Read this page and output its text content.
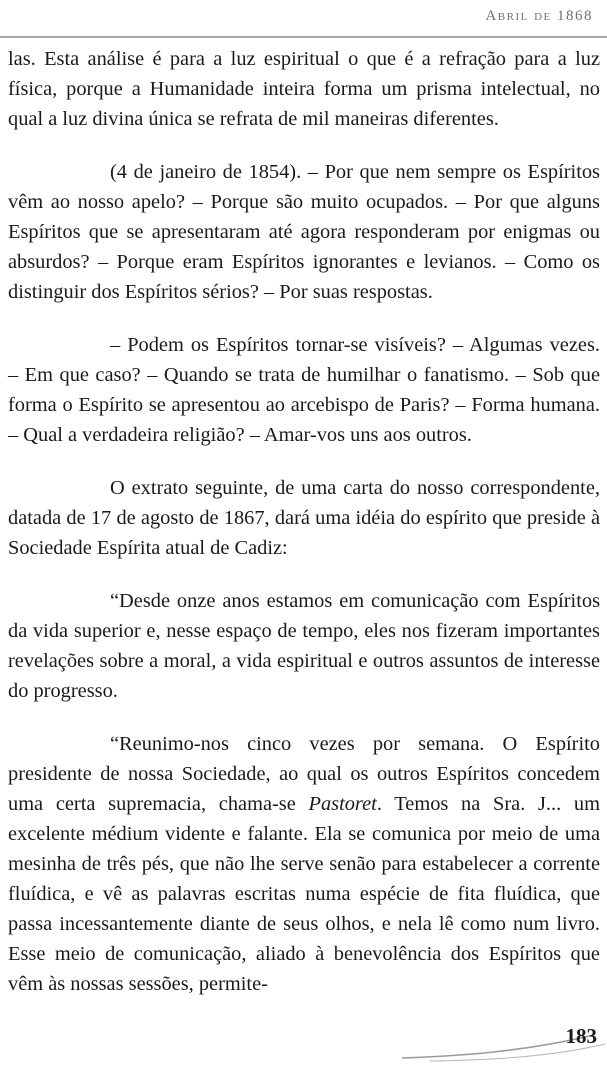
Abril de 1868

las. Esta análise é para a luz espiritual o que é a refração para a luz física, porque a Humanidade inteira forma um prisma intelectual, no qual a luz divina única se refrata de mil maneiras diferentes.

(4 de janeiro de 1854). – Por que nem sempre os Espíritos vêm ao nosso apelo? – Porque são muito ocupados. – Por que alguns Espíritos que se apresentaram até agora responderam por enigmas ou absurdos? – Porque eram Espíritos ignorantes e levianos. – Como os distinguir dos Espíritos sérios? – Por suas respostas.

– Podem os Espíritos tornar-se visíveis? – Algumas vezes. – Em que caso? – Quando se trata de humilhar o fanatismo. – Sob que forma o Espírito se apresentou ao arcebispo de Paris? – Forma humana. – Qual a verdadeira religião? – Amar-vos uns aos outros.

O extrato seguinte, de uma carta do nosso correspondente, datada de 17 de agosto de 1867, dará uma idéia do espírito que preside à Sociedade Espírita atual de Cadiz:

“Desde onze anos estamos em comunicação com Espíritos da vida superior e, nesse espaço de tempo, eles nos fizeram importantes revelações sobre a moral, a vida espiritual e outros assuntos de interesse do progresso.

“Reunimo-nos cinco vezes por semana. O Espírito presidente de nossa Sociedade, ao qual os outros Espíritos concedem uma certa supremacia, chama-se Pastoret. Temos na Sra. J... um excelente médium vidente e falante. Ela se comunica por meio de uma mesinha de três pés, que não lhe serve senão para estabelecer a corrente fluídica, e vê as palavras escritas numa espécie de fita fluídica, que passa incessantemente diante de seus olhos, e nela lê como num livro. Esse meio de comunicação, aliado à benevolência dos Espíritos que vêm às nossas sessões, permite-

183
